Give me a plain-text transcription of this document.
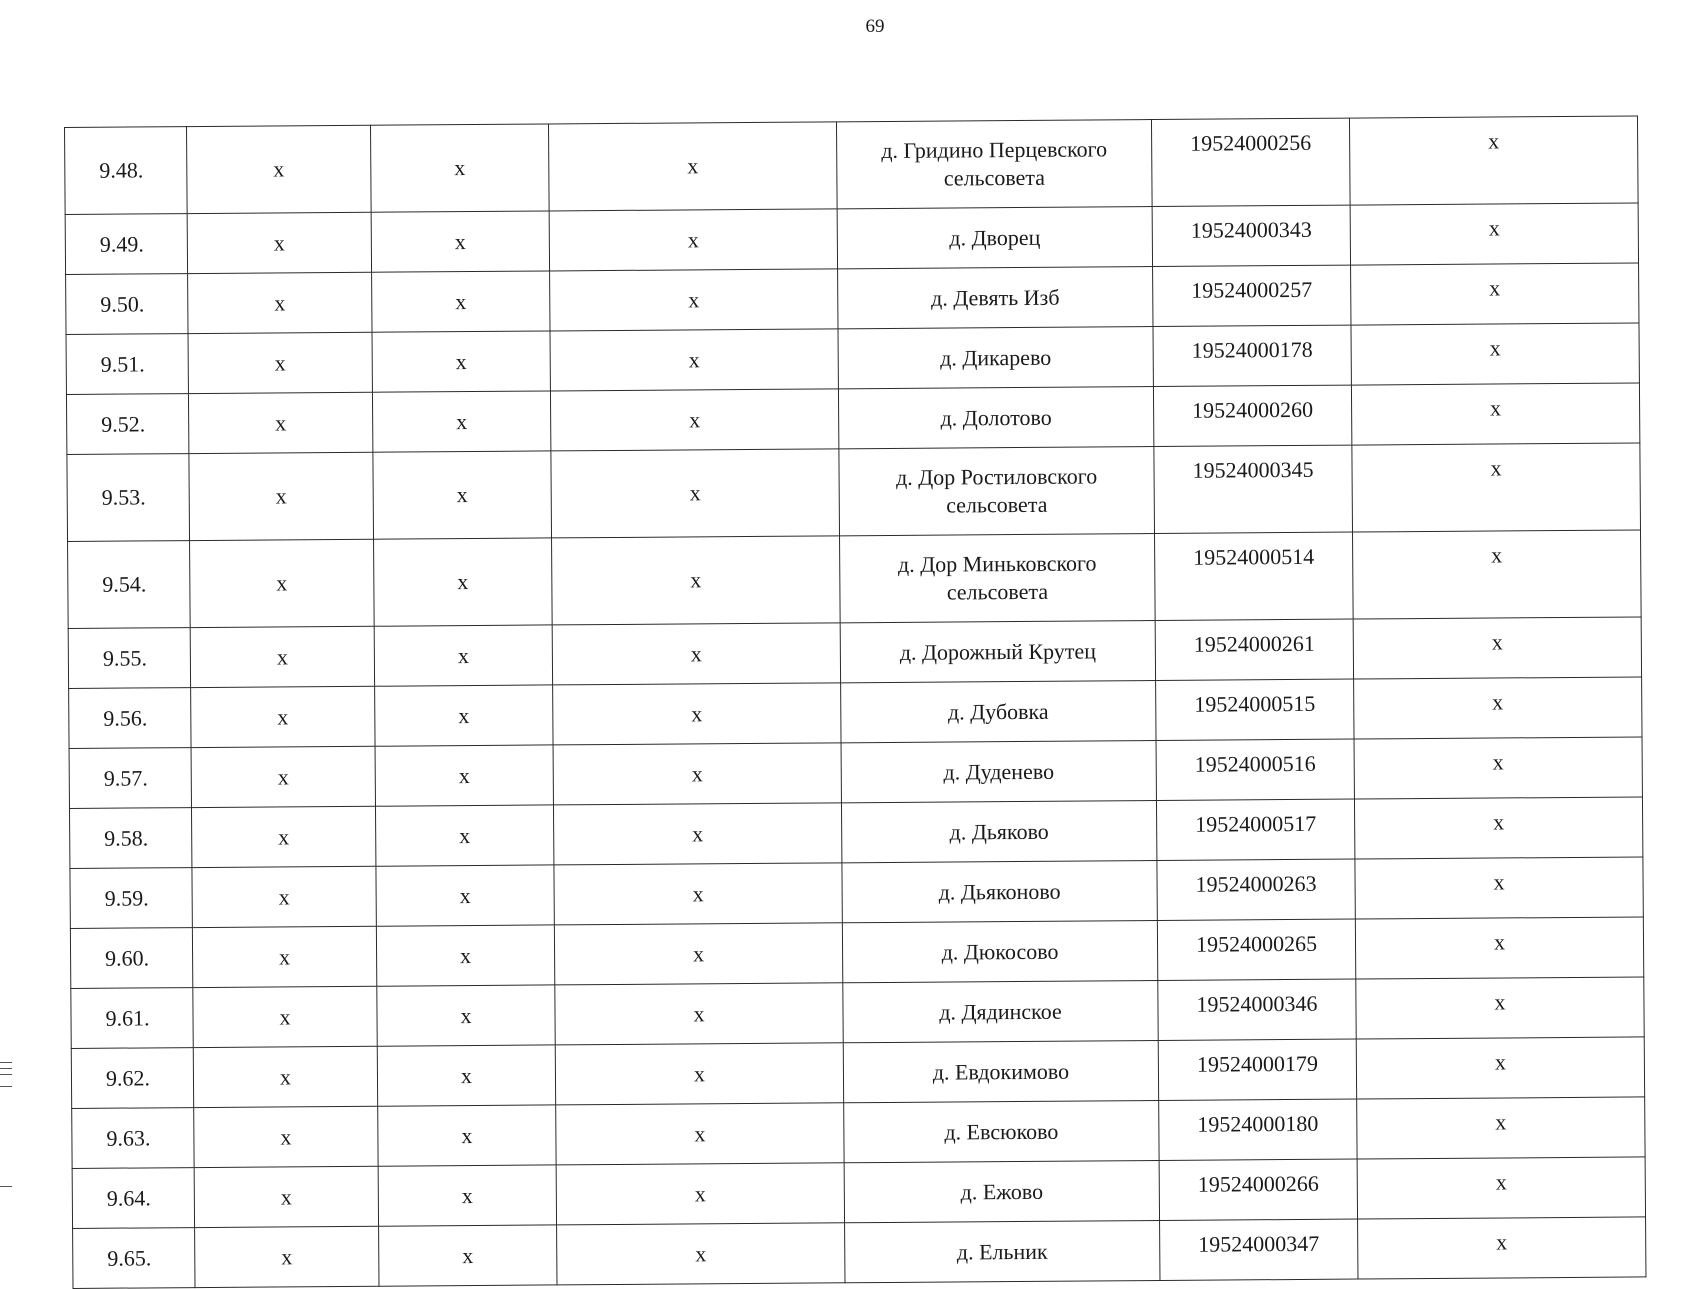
69
9.48.	x	x	x	д. Гридино Перцевского сельсовета	19524000256	x
9.49.	x	x	x	д. Дворец	19524000343	x
9.50.	x	x	x	д. Девять Изб	19524000257	x
9.51.	x	x	x	д. Дикарево	19524000178	x
9.52.	x	x	x	д. Долотово	19524000260	x
9.53.	x	x	x	д. Дор Ростиловского сельсовета	19524000345	x
9.54.	x	x	x	д. Дор Миньковского сельсовета	19524000514	x
9.55.	x	x	x	д. Дорожный Крутец	19524000261	x
9.56.	x	x	x	д. Дубовка	19524000515	x
9.57.	x	x	x	д. Дуденево	19524000516	x
9.58.	x	x	x	д. Дьяково	19524000517	x
9.59.	x	x	x	д. Дьяконово	19524000263	x
9.60.	x	x	x	д. Дюкосово	19524000265	x
9.61.	x	x	x	д. Дядинское	19524000346	x
9.62.	x	x	x	д. Евдокимово	19524000179	x
9.63.	x	x	x	д. Евсюково	19524000180	x
9.64.	x	x	x	д. Ежово	19524000266	x
9.65.	x	x	x	д. Ельник	19524000347	x
